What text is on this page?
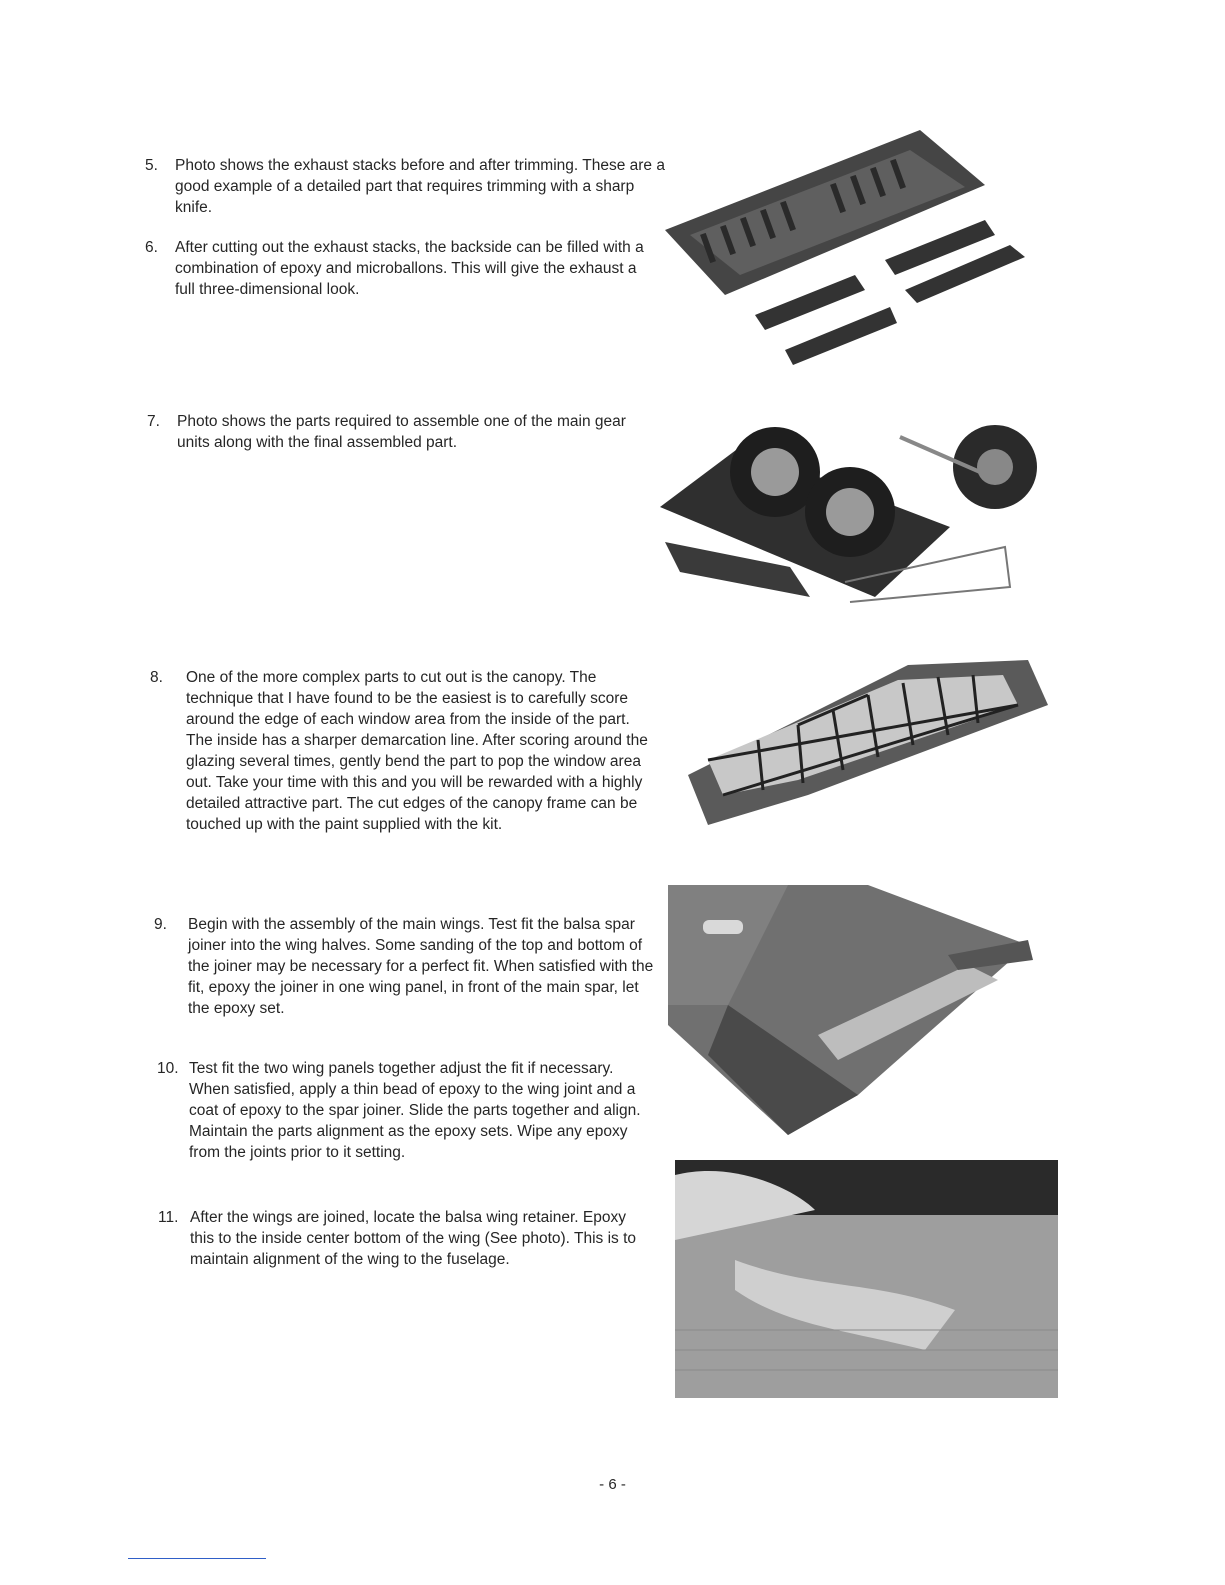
5.	Photo shows the exhaust stacks before and after trimming. These are a good example of a detailed part that requires trimming with a sharp knife.

6.	After cutting out the exhaust stacks, the backside can be filled with a combination of epoxy and microballons. This will give the exhaust a full three-dimensional look.

7.	Photo shows the parts required to assemble one of the main gear units along with the final assembled part.

8.	One of the more complex parts to cut out is the canopy. The technique that I have found to be the easiest is to carefully score around the edge of each window area from the inside of the part. The inside has a sharper demarcation line. After scoring around the glazing several times, gently bend the part to pop the window area out. Take your time with this and you will be rewarded with a highly detailed attractive part. The cut edges of the canopy frame can be touched up with the paint supplied with the kit.

9.	Begin with the assembly of the main wings. Test fit the balsa spar joiner into the wing halves. Some sanding of the top and bottom of the joiner may be necessary for a perfect fit. When satisfied with the fit, epoxy the joiner in one wing panel, in front of the main spar, let the epoxy set.

10. Test fit the two wing panels together adjust the fit if necessary. When satisfied, apply a thin bead of epoxy to the wing joint and a coat of epoxy to the spar joiner. Slide the parts together and align. Maintain the parts alignment as the epoxy sets. Wipe any epoxy from the joints prior to it setting.

11. After the wings are joined, locate the balsa wing retainer. Epoxy this to the inside center bottom of the wing (See photo). This is to maintain alignment of the wing to the fuselage.

- 6 -
